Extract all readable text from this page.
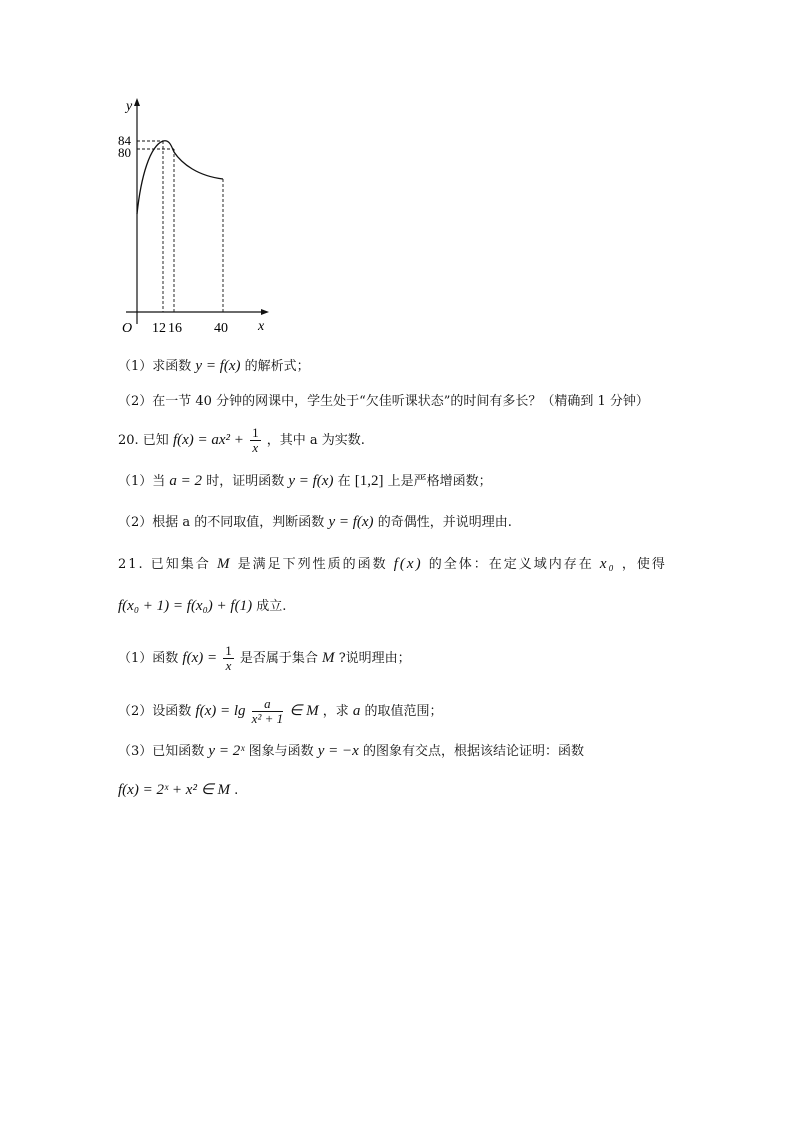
y
84
80
O 12 16 40 x
（1）求函数 y = f(x) 的解析式；
（2）在一节 40 分钟的网课中，学生处于“欠佳听课状态”的时间有多长？（精确到 1 分钟）
20. 已知 $f(x) = ax^2 + \frac{1}{x}$ ，其中 a 为实数.
（1）当 a = 2 时，证明函数 y = f(x) 在 [1,2] 上是严格增函数；
（2）根据 a 的不同取值，判断函数 y = f(x) 的奇偶性，并说明理由.
21. 已知集合 M 是满足下列性质的函数 f(x) 的全体：在定义域内存在 x₀ ，使得
f(x₀ + 1) = f(x₀) + f(1) 成立.
（1）函数 $f(x) = \frac{1}{x}$ 是否属于集合 M ?说明理由；
（2）设函数 $f(x) = \lg \frac{a}{\text{x² + 1}}$ ∈ M ，求 a 的取值范围；
（3）已知函数 y = 2ˣ 图象与函数 y = −x 的图象有交点，根据该结论证明：函数
f(x) = 2ˣ + x² ∈ M .
